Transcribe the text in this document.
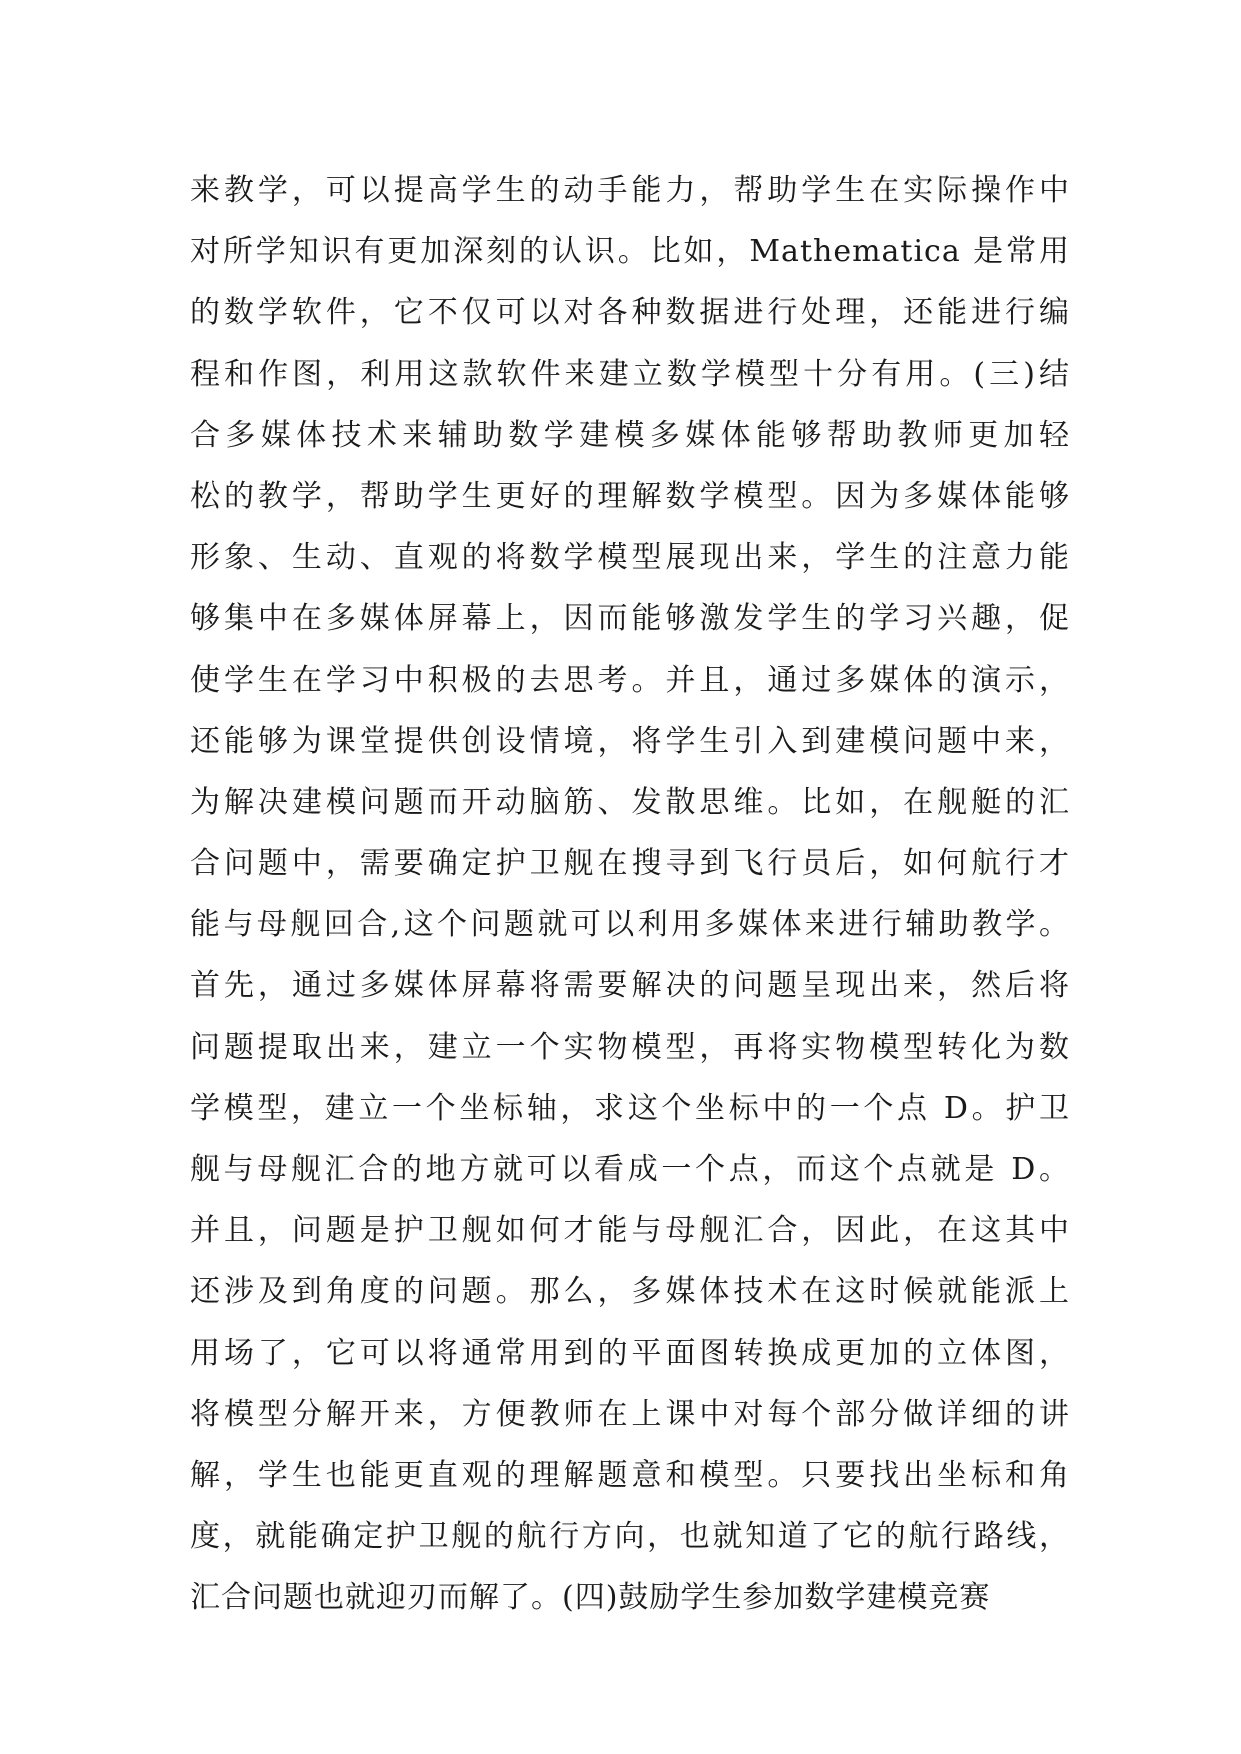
来教学，可以提高学生的动手能力，帮助学生在实际操作中
对所学知识有更加深刻的认识。比如，Mathematica 是常用
的数学软件，它不仅可以对各种数据进行处理，还能进行编
程和作图，利用这款软件来建立数学模型十分有用。(三)结
合多媒体技术来辅助数学建模多媒体能够帮助教师更加轻
松的教学，帮助学生更好的理解数学模型。因为多媒体能够
形象、生动、直观的将数学模型展现出来，学生的注意力能
够集中在多媒体屏幕上，因而能够激发学生的学习兴趣，促
使学生在学习中积极的去思考。并且，通过多媒体的演示，
还能够为课堂提供创设情境，将学生引入到建模问题中来，
为解决建模问题而开动脑筋、发散思维。比如，在舰艇的汇
合问题中，需要确定护卫舰在搜寻到飞行员后，如何航行才
能与母舰回合,这个问题就可以利用多媒体来进行辅助教学。
首先，通过多媒体屏幕将需要解决的问题呈现出来，然后将
问题提取出来，建立一个实物模型，再将实物模型转化为数
学模型，建立一个坐标轴，求这个坐标中的一个点 D。护卫
舰与母舰汇合的地方就可以看成一个点，而这个点就是 D。
并且，问题是护卫舰如何才能与母舰汇合，因此，在这其中
还涉及到角度的问题。那么，多媒体技术在这时候就能派上
用场了，它可以将通常用到的平面图转换成更加的立体图，
将模型分解开来，方便教师在上课中对每个部分做详细的讲
解，学生也能更直观的理解题意和模型。只要找出坐标和角
度，就能确定护卫舰的航行方向，也就知道了它的航行路线，
汇合问题也就迎刃而解了。(四)鼓励学生参加数学建模竞赛
